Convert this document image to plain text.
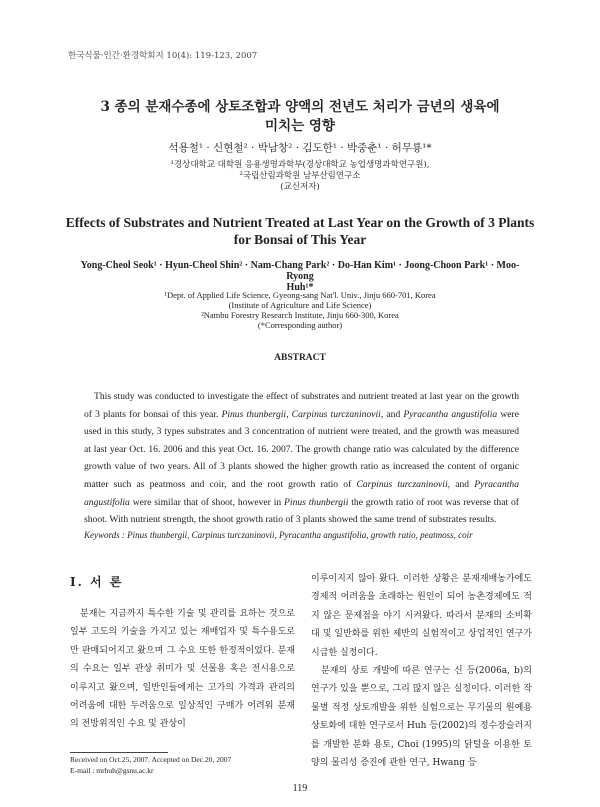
한국식물·인간·환경학회지 10(4): 119-123, 2007
3 종의 분재수종에 상토조합과 양액의 전년도 처리가 금년의 생육에
미치는 영향
석용철¹ · 신현철² · 박남창² · 김도한¹ · 박중춘¹ · 허무룡¹*
¹경상대학교 대학원 응용생명과학부(경상대학교 농업생명과학연구원),
²국립산림과학원 남부산림연구소
(교신저자)
Effects of Substrates and Nutrient Treated at Last Year on the Growth of 3 Plants
for Bonsai of This Year
Yong-Cheol Seok¹ · Hyun-Cheol Shin² · Nam-Chang Park² · Do-Han Kim¹ · Joong-Choon Park¹ · Moo-Ryong
Huh¹*
¹Dept. of Applied Life Science, Gyeong-sang Nat'l. Univ., Jinju 660-701, Korea
(Institute of Agriculture and Life Science)
²Nambu Forestry Research Institute, Jinju 660-300, Korea
(*Corresponding author)
ABSTRACT
This study was conducted to investigate the effect of substrates and nutrient treated at last year on the growth of 3 plants for bonsai of this year. Pinus thunbergii, Carpinus turczaninovii, and Pyracantha angustifolia were used in this study, 3 types substrates and 3 concentration of nutrient were treated, and the growth was measured at last year Oct. 16. 2006 and this yeat Oct. 16. 2007. The growth change ratio was calculated by the difference growth value of two years. All of 3 plants showed the higher growth ratio as increased the content of organic matter such as peatmoss and coir, and the root growth ratio of Carpinus turczaninovii, and Pyracantha angustifolia were similar that of shoot, however in Pinus thunbergii the growth ratio of root was reverse that of shoot. With nutrient strength, the shoot growth ratio of 3 plants showed the same trend of substrates results.
Keywords : Pinus thunbergii, Carpinus turczaninovii, Pyracantha angustifolia, growth ratio, peatmoss, coir
Ⅰ. 서 론

분재는 지금까지 특수한 기술 및 관리를 요하는 것으로 일부 고도의 기술을 가지고 있는 재배업자 및 특수용도로만 판매되어지고 왔으며 그 수요 또한 한정적이었다. 분재의 수요는 일부 관상 취미가 및 선물용 혹은 전시용으로 이루지고 왔으며, 일반인들에게는 고가의 가격과 관리의 어려움에 대한 두려움으로 일상적인 구매가 어려워 분재의 전방위적인 수요 및 관상이

이루이지지 않아 왔다. 이러한 상황은 분재재배농가에도 경제적 어려움을 초래하는 원인이 되어 농촌경제에도 적지 않은 문제점을 야기 시켜왔다. 따라서 분재의 소비확대 및 일반화를 위한 제반의 실험적이고 상업적인 연구가 시급한 실정이다.

분재의 상토 개발에 따른 연구는 신 등(2006a, b)의 연구가 있을 뿐으로, 그리 많지 않은 실정이다. 이러한 작물별 적정 상토개발을 위한 실험으로는 무기물의 원예용상토화에 대한 연구로서 Huh 등(2002)의 정수장슬러지를 개발한 분화 용토, Choi (1995)의 닭털을 이용한 토양의 물리성 증진에 관한 연구, Hwang 등

Received on Oct.25, 2007. Accepted on Dec.20, 2007
E-mail : mrhuh@gsnu.ac.kr
119
